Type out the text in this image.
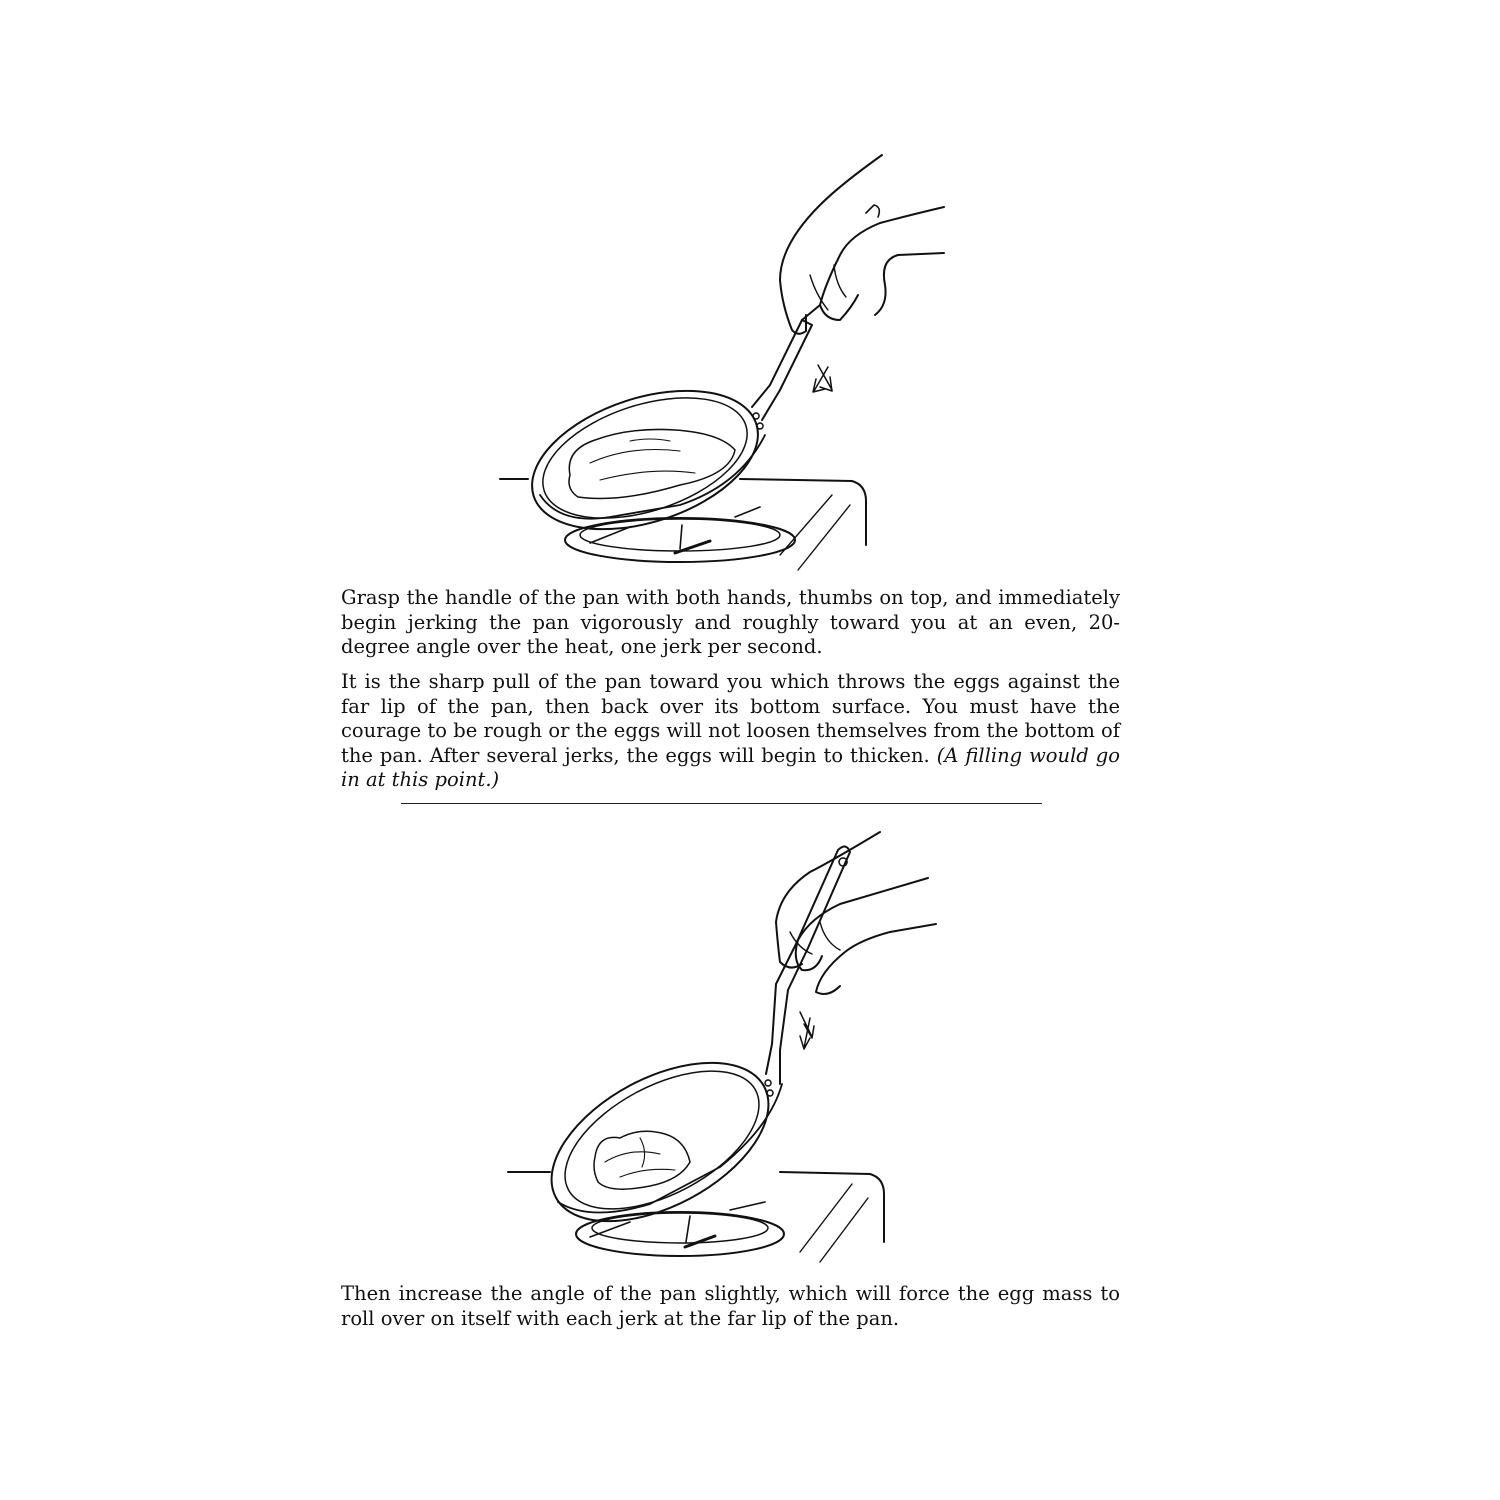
Grasp the handle of the pan with both hands, thumbs on top, and immediately begin jerking the pan vigorously and roughly toward you at an even, 20-degree angle over the heat, one jerk per second.

It is the sharp pull of the pan toward you which throws the eggs against the far lip of the pan, then back over its bottom surface. You must have the courage to be rough or the eggs will not loosen themselves from the bottom of the pan. After several jerks, the eggs will begin to thicken. (A filling would go in at this point.)

Then increase the angle of the pan slightly, which will force the egg mass to roll over on itself with each jerk at the far lip of the pan.
